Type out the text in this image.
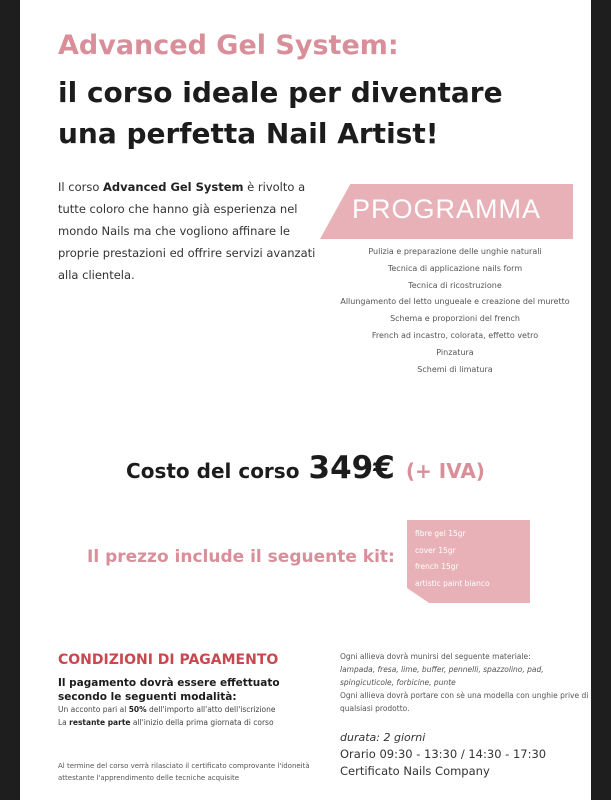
Advanced Gel System:
il corso ideale per diventare
una perfetta Nail Artist!

Il corso Advanced Gel System è rivolto a tutte coloro che hanno già esperienza nel mondo Nails ma che vogliono affinare le proprie prestazioni ed offrire servizi avanzati alla clientela.

PROGRAMMA
Pulizia e preparazione delle unghie naturali
Tecnica di applicazione nails form
Tecnica di ricostruzione
Allungamento del letto ungueale e creazione del muretto
Schema e proporzioni del french
French ad incastro, colorata, effetto vetro
Pinzatura
Schemi di limatura
Costo del corso 349€ (+ IVA)
Il prezzo include il seguente kit:
fibre gel 15gr
cover 15gr
french 15gr
artistic paint bianco
CONDIZIONI DI PAGAMENTO
Il pagamento dovrà essere effettuato secondo le seguenti modalità:
Un acconto pari al 50% dell'importo all'atto dell'iscrizione
La restante parte all'inizio della prima giornata di corso
Al termine del corso verrà rilasciato il certificato comprovante l'idoneità attestante l'apprendimento delle tecniche acquisite
Ogni allieva dovrà munirsi del seguente materiale:
lampada, fresa, lime, buffer, pennelli, spazzolino, pad, spingicuticole, forbicine, punte
Ogni allieva dovrà portare con sè una modella con unghie prive di qualsiasi prodotto.
durata: 2 giorni
Orario 09:30 - 13:30 / 14:30 - 17:30
Certificato Nails Company
